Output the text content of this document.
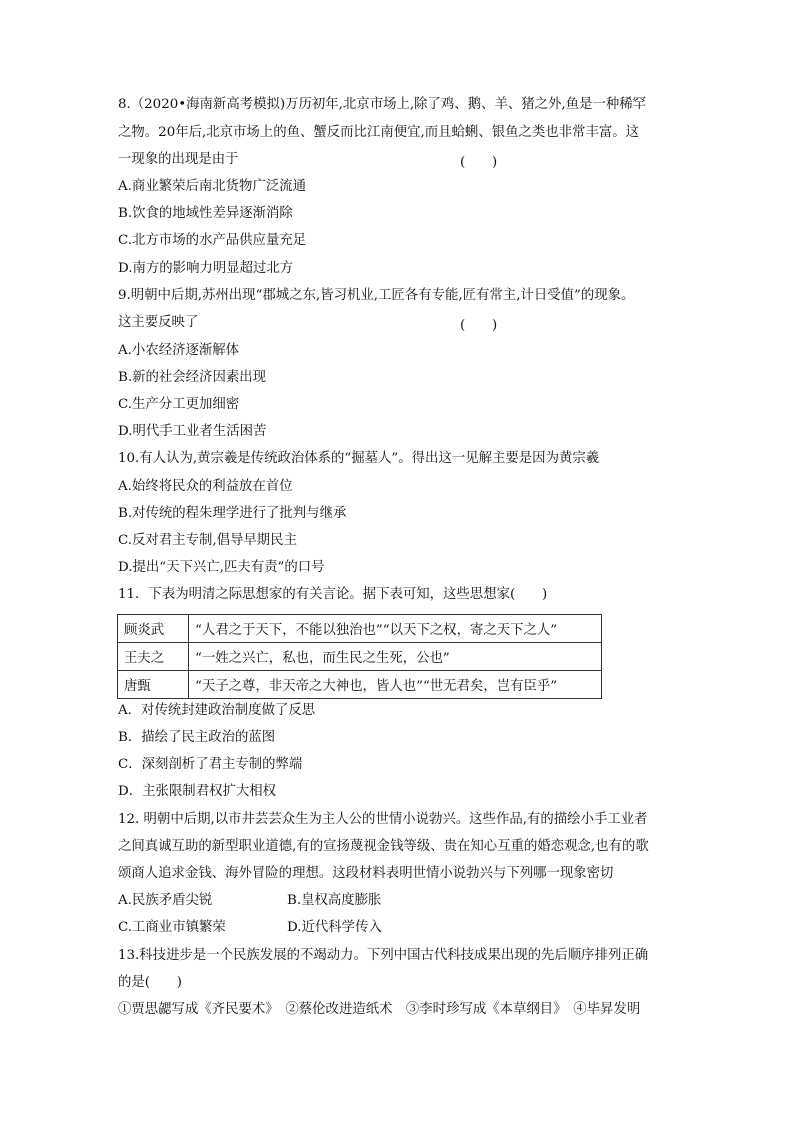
8.（2020•海南新高考模拟)万历初年,北京市场上,除了鸡、鹅、羊、猪之外,鱼是一种稀罕
之物。20年后,北京市场上的鱼、蟹反而比江南便宜,而且蛤蜊、银鱼之类也非常丰富。这
一现象的出现是由于	(　　)
A.商业繁荣后南北货物广泛流通
B.饮食的地域性差异逐渐消除
C.北方市场的水产品供应量充足
D.南方的影响力明显超过北方
9.明朝中后期,苏州出现“郡城之东,皆习机业,工匠各有专能,匠有常主,计日受值”的现象。
这主要反映了	(　　)
A.小农经济逐渐解体
B.新的社会经济因素出现
C.生产分工更加细密
D.明代手工业者生活困苦
10.有人认为,黄宗羲是传统政治体系的“掘墓人”。得出这一见解主要是因为黄宗羲
A.始终将民众的利益放在首位
B.对传统的程朱理学进行了批判与继承
C.反对君主专制,倡导早期民主
D.提出“天下兴亡,匹夫有责”的口号
11．下表为明清之际思想家的有关言论。据下表可知，这些思想家(　　)
顾炎武	“人君之于天下，不能以独治也”“以天下之权，寄之天下之人”
王夫之	“一姓之兴亡，私也，而生民之生死，公也”
唐甄	“天子之尊，非天帝之大神也，皆人也”“世无君矣，岂有臣乎”
A．对传统封建政治制度做了反思
B．描绘了民主政治的蓝图
C．深刻剖析了君主专制的弊端
D．主张限制君权扩大相权
12. 明朝中后期,以市井芸芸众生为主人公的世情小说勃兴。这些作品,有的描绘小手工业者
之间真诚互助的新型职业道德,有的宣扬蔑视金钱等级、贵在知心互重的婚恋观念,也有的歌
颂商人追求金钱、海外冒险的理想。这段材料表明世情小说勃兴与下列哪一现象密切
A.民族矛盾尖锐	B.皇权高度膨胀
C.工商业市镇繁荣	D.近代科学传入
13.科技进步是一个民族发展的不竭动力。下列中国古代科技成果出现的先后顺序排列正确
的是(　　)
①贾思勰写成《齐民要术》　②蔡伦改进造纸术　③李时珍写成《本草纲目》　④毕昇发明
